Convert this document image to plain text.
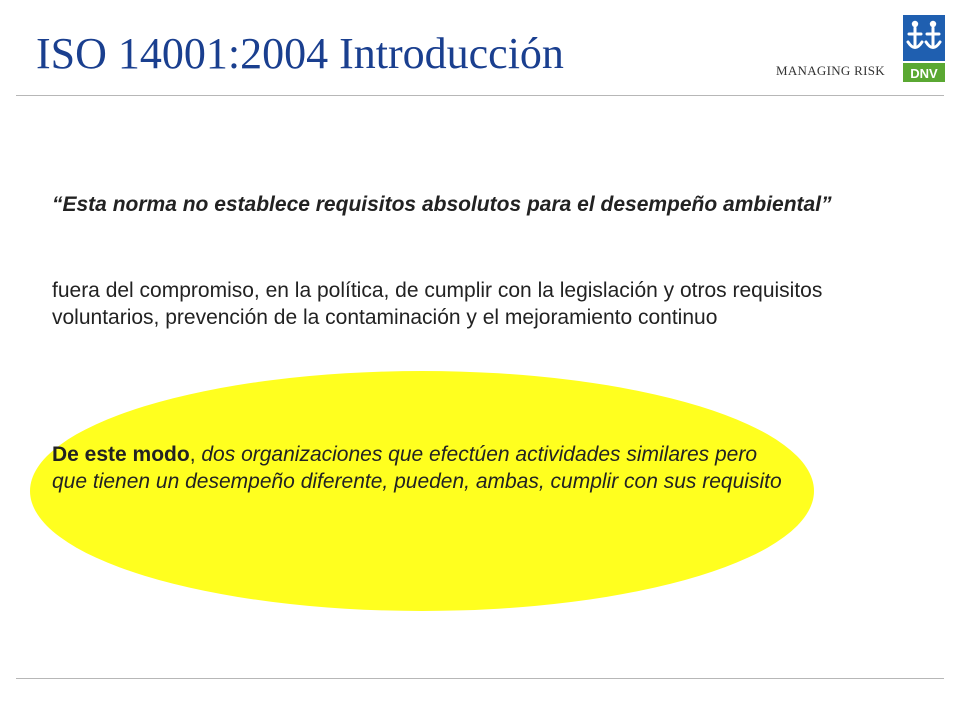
ISO 14001:2004 Introducción	MANAGING RISK DNV

“Esta norma no establece requisitos absolutos para el desempeño ambiental”

fuera del compromiso, en la política, de cumplir con la legislación y otros requisitos voluntarios, prevención de la contaminación y el mejoramiento continuo

De este modo, dos organizaciones que efectúen actividades similares pero que tienen un desempeño diferente, pueden, ambas, cumplir con sus requisito
